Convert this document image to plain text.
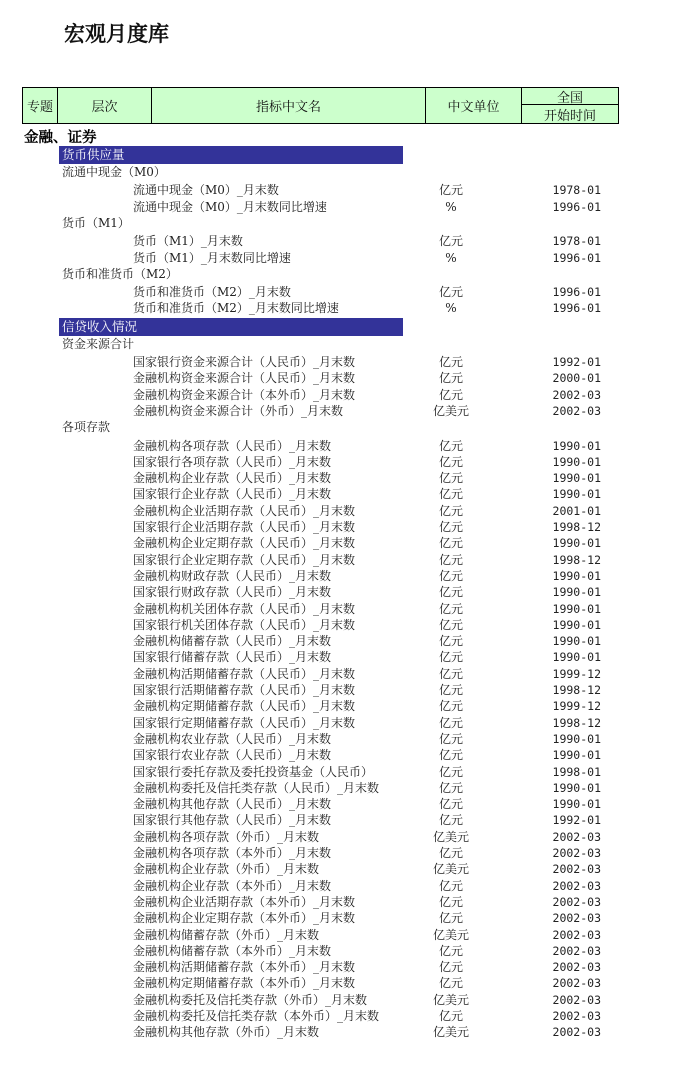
宏观月度库
专题	层次	指标中文名	中文单位
全国
开始时间
金融、证券
货币供应量
流通中现金（M0）
流通中现金（M0）_月末数	亿元	1978-01
流通中现金（M0）_月末数同比增速	%	1996-01
货币（M1）
货币（M1）_月末数	亿元	1978-01
货币（M1）_月末数同比增速	%	1996-01
货币和准货币（M2）
货币和准货币（M2）_月末数	亿元	1996-01
货币和准货币（M2）_月末数同比增速	%	1996-01
信贷收入情况
资金来源合计
国家银行资金来源合计（人民币）_月末数	亿元	1992-01
金融机构资金来源合计（人民币）_月末数	亿元	2000-01
金融机构资金来源合计（本外币）_月末数	亿元	2002-03
金融机构资金来源合计（外币）_月末数	亿美元	2002-03
各项存款
金融机构各项存款（人民币）_月末数	亿元	1990-01
国家银行各项存款（人民币）_月末数	亿元	1990-01
金融机构企业存款（人民币）_月末数	亿元	1990-01
国家银行企业存款（人民币）_月末数	亿元	1990-01
金融机构企业活期存款（人民币）_月末数	亿元	2001-01
国家银行企业活期存款（人民币）_月末数	亿元	1998-12
金融机构企业定期存款（人民币）_月末数	亿元	1990-01
国家银行企业定期存款（人民币）_月末数	亿元	1998-12
金融机构财政存款（人民币）_月末数	亿元	1990-01
国家银行财政存款（人民币）_月末数	亿元	1990-01
金融机构机关团体存款（人民币）_月末数	亿元	1990-01
国家银行机关团体存款（人民币）_月末数	亿元	1990-01
金融机构储蓄存款（人民币）_月末数	亿元	1990-01
国家银行储蓄存款（人民币）_月末数	亿元	1990-01
金融机构活期储蓄存款（人民币）_月末数	亿元	1999-12
国家银行活期储蓄存款（人民币）_月末数	亿元	1998-12
金融机构定期储蓄存款（人民币）_月末数	亿元	1999-12
国家银行定期储蓄存款（人民币）_月末数	亿元	1998-12
金融机构农业存款（人民币）_月末数	亿元	1990-01
国家银行农业存款（人民币）_月末数	亿元	1990-01
国家银行委托存款及委托投资基金（人民币）	亿元	1998-01
金融机构委托及信托类存款（人民币）_月末数	亿元	1990-01
金融机构其他存款（人民币）_月末数	亿元	1990-01
国家银行其他存款（人民币）_月末数	亿元	1992-01
金融机构各项存款（外币）_月末数	亿美元	2002-03
金融机构各项存款（本外币）_月末数	亿元	2002-03
金融机构企业存款（外币）_月末数	亿美元	2002-03
金融机构企业存款（本外币）_月末数	亿元	2002-03
金融机构企业活期存款（本外币）_月末数	亿元	2002-03
金融机构企业定期存款（本外币）_月末数	亿元	2002-03
金融机构储蓄存款（外币）_月末数	亿美元	2002-03
金融机构储蓄存款（本外币）_月末数	亿元	2002-03
金融机构活期储蓄存款（本外币）_月末数	亿元	2002-03
金融机构定期储蓄存款（本外币）_月末数	亿元	2002-03
金融机构委托及信托类存款（外币）_月末数	亿美元	2002-03
金融机构委托及信托类存款（本外币）_月末数	亿元	2002-03
金融机构其他存款（外币）_月末数	亿美元	2002-03
